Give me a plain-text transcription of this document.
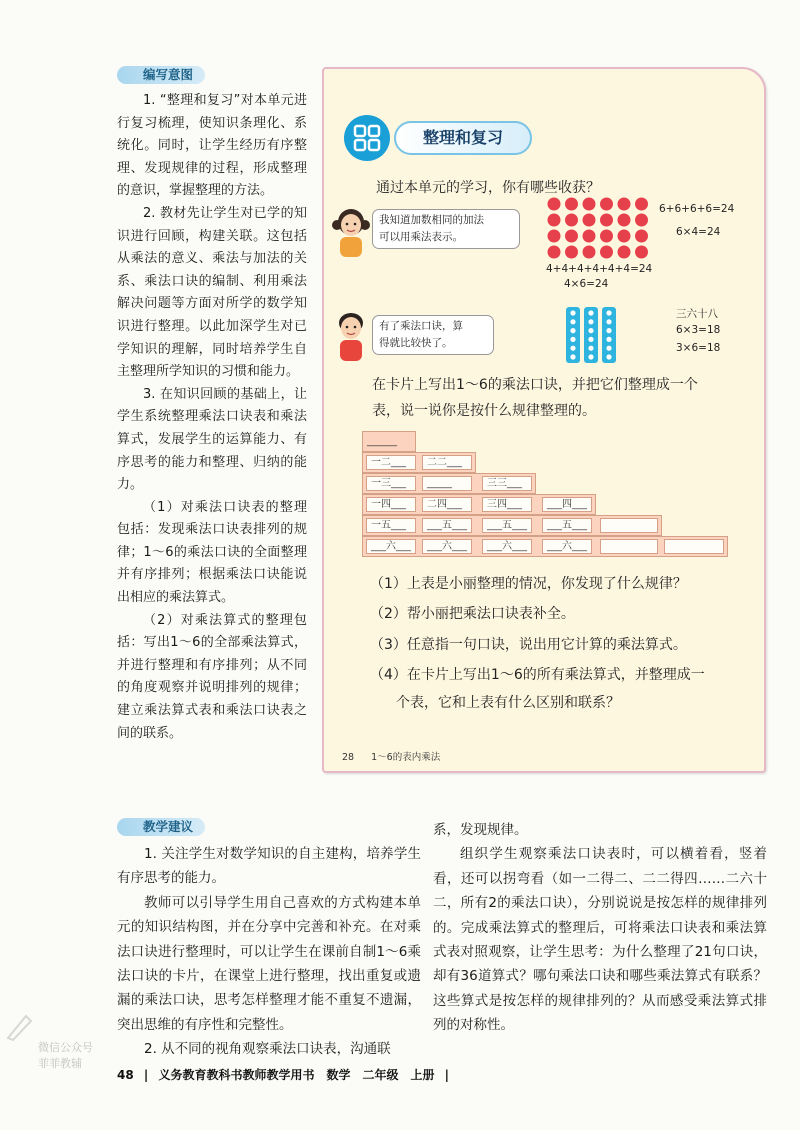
编写意图

1. “整理和复习”对本单元进行复习梳理，使知识条理化、系统化。同时，让学生经历有序整理、发现规律的过程，形成整理的意识，掌握整理的方法。

2. 教材先让学生对已学的知识进行回顾，构建关联。这包括从乘法的意义、乘法与加法的关系、乘法口诀的编制、利用乘法解决问题等方面对所学的数学知识进行整理。以此加深学生对已学知识的理解，同时培养学生自主整理所学知识的习惯和能力。

3. 在知识回顾的基础上，让学生系统整理乘法口诀表和乘法算式，发展学生的运算能力、有序思考的能力和整理、归纳的能力。

（1）对乘法口诀表的整理包括：发现乘法口诀表排列的规律；1～6的乘法口诀的全面整理并有序排列；根据乘法口诀能说出相应的乘法算式。

（2）对乘法算式的整理包括：写出1～6的全部乘法算式，并进行整理和有序排列；从不同的角度观察并说明排列的规律；建立乘法算式表和乘法口诀表之间的联系。

整理和复习
通过本单元的学习，你有哪些收获？
我知道加数相同的加法
可以用乘法表示。
6+6+6+6=24
6×4=24
4+4+4+4+4+4=24
4×6=24
有了乘法口诀，算
得就比较快了。
三六十八
6×3=18
3×6=18
在卡片上写出1～6的乘法口诀，并把它们整理成一个
表，说一说你是按什么规律整理的。
______
一二___	二二___
一三___	_____	三三___
一四___	二四___	三四___	___四___
一五___	___五___	___五___	___五___
___六___	___六___	___六___	___六___
（1）上表是小丽整理的情况，你发现了什么规律？
（2）帮小丽把乘法口诀表补全。
（3）任意指一句口诀，说出用它计算的乘法算式。
（4）在卡片上写出1～6的所有乘法算式，并整理成一
个表，它和上表有什么区别和联系？
28 1～6的表内乘法
教学建议

1. 关注学生对数学知识的自主建构，培养学生有序思考的能力。

教师可以引导学生用自己喜欢的方式构建本单元的知识结构图，并在分享中完善和补充。在对乘法口诀进行整理时，可以让学生在课前自制1～6乘法口诀的卡片，在课堂上进行整理，找出重复或遗漏的乘法口诀，思考怎样整理才能不重复不遗漏，突出思维的有序性和完整性。

2. 从不同的视角观察乘法口诀表，沟通联

系，发现规律。

组织学生观察乘法口诀表时，可以横着看，竖着看，还可以拐弯看（如一二得二、二二得四……二六十二，所有2的乘法口诀），分别说说是按怎样的规律排列的。完成乘法算式的整理后，可将乘法口诀表和乘法算式表对照观察，让学生思考：为什么整理了21句口诀，却有36道算式？哪句乘法口诀和哪些乘法算式有联系？这些算式是按怎样的规律排列的？从而感受乘法算式排列的对称性。

微信公众号
菲菲教辅
48 | 义务教育教科书教师教学用书　数学　二年级　上册 |
